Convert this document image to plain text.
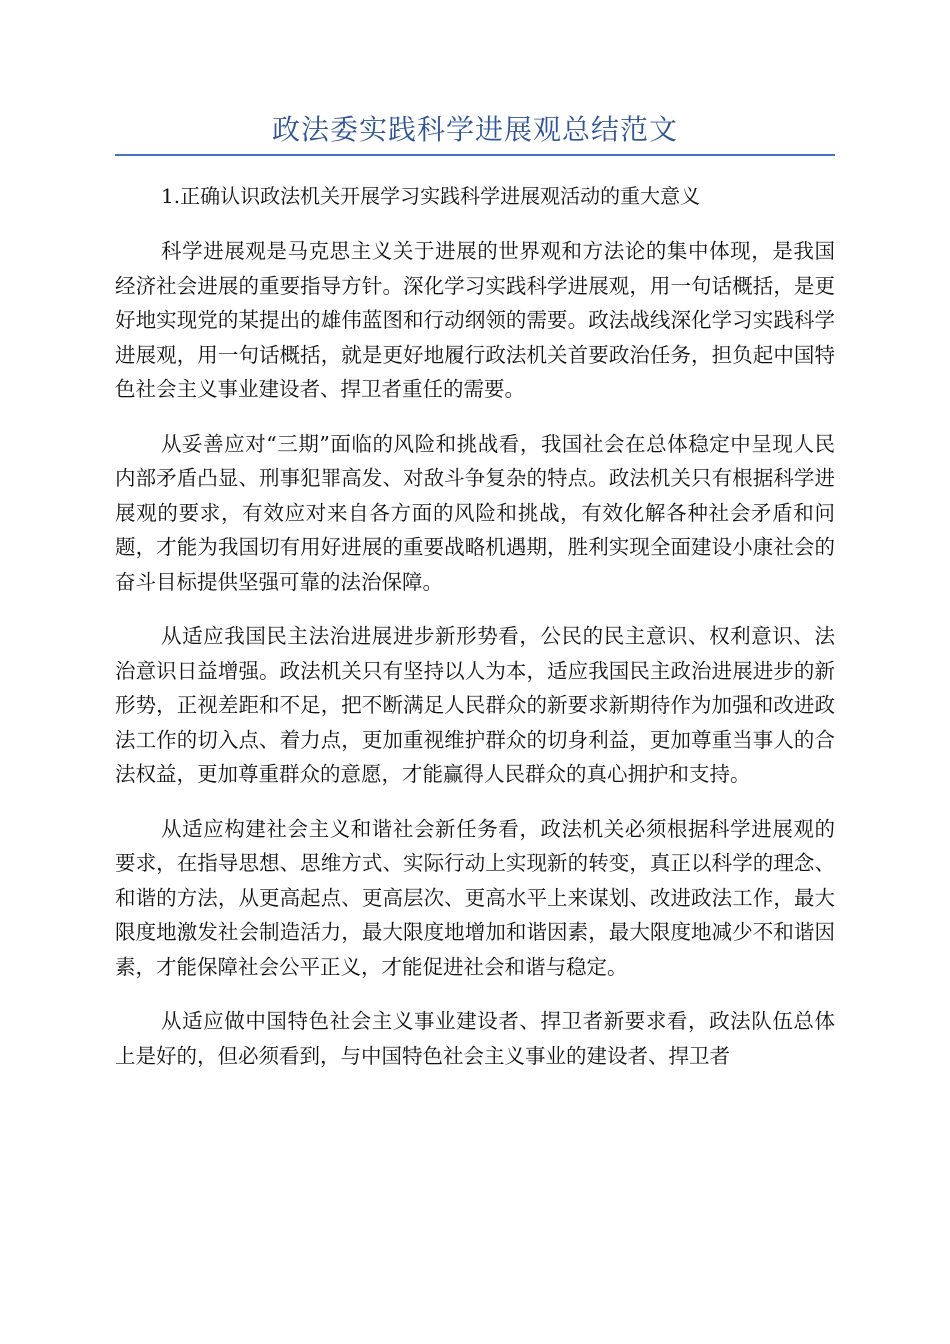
政法委实践科学进展观总结范文

1.正确认识政法机关开展学习实践科学进展观活动的重大意义

科学进展观是马克思主义关于进展的世界观和方法论的集中体现，是我国经济社会进展的重要指导方针。深化学习实践科学进展观，用一句话概括，是更好地实现党的某提出的雄伟蓝图和行动纲领的需要。政法战线深化学习实践科学进展观，用一句话概括，就是更好地履行政法机关首要政治任务，担负起中国特色社会主义事业建设者、捍卫者重任的需要。

从妥善应对“三期”面临的风险和挑战看，我国社会在总体稳定中呈现人民内部矛盾凸显、刑事犯罪高发、对敌斗争复杂的特点。政法机关只有根据科学进展观的要求，有效应对来自各方面的风险和挑战，有效化解各种社会矛盾和问题，才能为我国切有用好进展的重要战略机遇期，胜利实现全面建设小康社会的奋斗目标提供坚强可靠的法治保障。

从适应我国民主法治进展进步新形势看，公民的民主意识、权利意识、法治意识日益增强。政法机关只有坚持以人为本，适应我国民主政治进展进步的新形势，正视差距和不足，把不断满足人民群众的新要求新期待作为加强和改进政法工作的切入点、着力点，更加重视维护群众的切身利益，更加尊重当事人的合法权益，更加尊重群众的意愿，才能赢得人民群众的真心拥护和支持。

从适应构建社会主义和谐社会新任务看，政法机关必须根据科学进展观的要求，在指导思想、思维方式、实际行动上实现新的转变，真正以科学的理念、和谐的方法，从更高起点、更高层次、更高水平上来谋划、改进政法工作，最大限度地激发社会制造活力，最大限度地增加和谐因素，最大限度地减少不和谐因素，才能保障社会公平正义，才能促进社会和谐与稳定。

从适应做中国特色社会主义事业建设者、捍卫者新要求看，政法队伍总体上是好的，但必须看到，与中国特色社会主义事业的建设者、捍卫者
